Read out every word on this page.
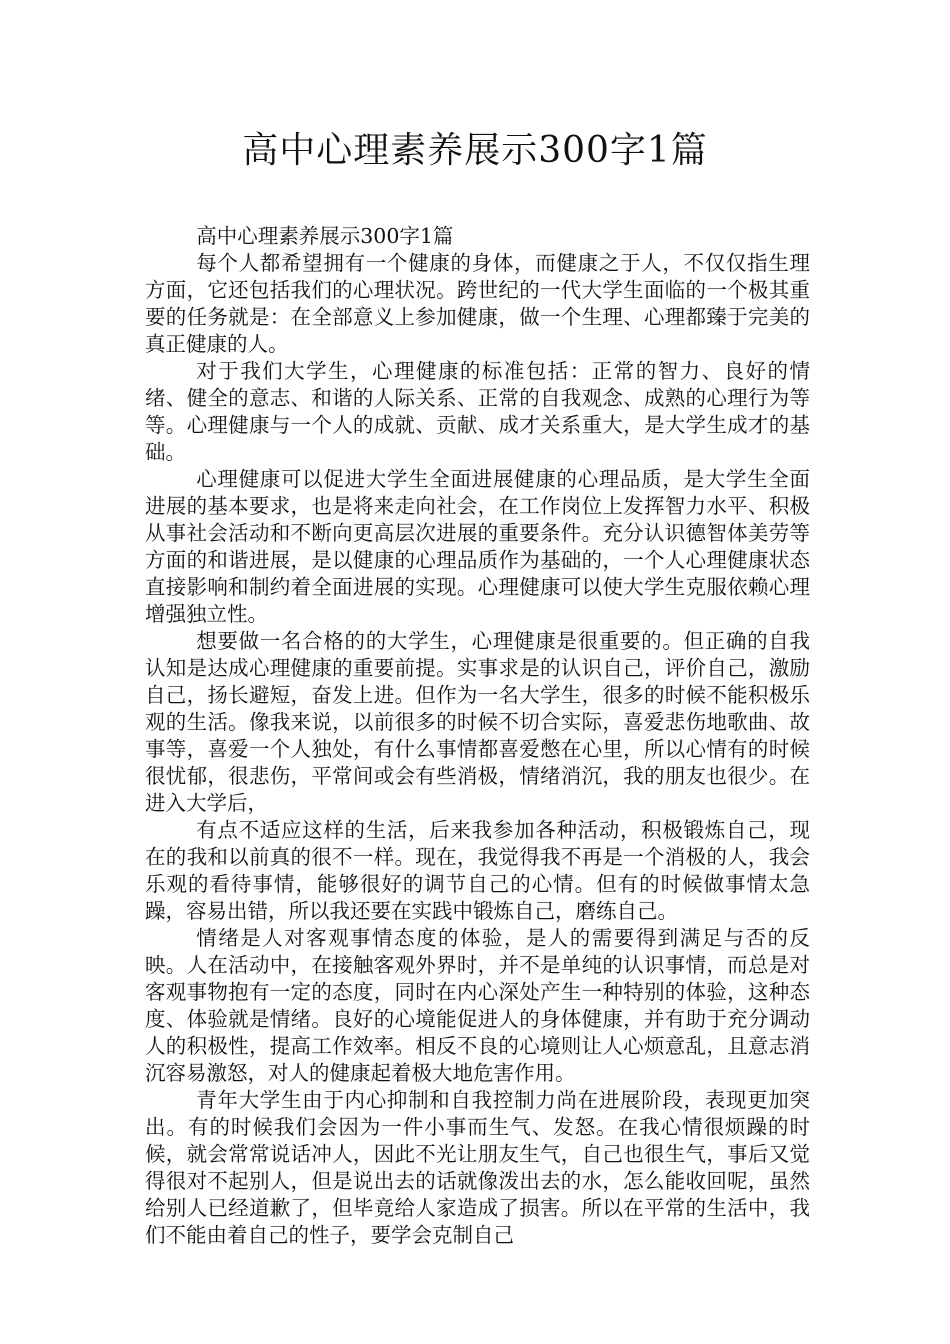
高中心理素养展示300字1篇

高中心理素养展示300字1篇

每个人都希望拥有一个健康的身体，而健康之于人，不仅仅指生理方面，它还包括我们的心理状况。跨世纪的一代大学生面临的一个极其重要的任务就是：在全部意义上参加健康，做一个生理、心理都臻于完美的真正健康的人。

对于我们大学生，心理健康的标准包括：正常的智力、良好的情绪、健全的意志、和谐的人际关系、正常的自我观念、成熟的心理行为等等。心理健康与一个人的成就、贡献、成才关系重大，是大学生成才的基础。

心理健康可以促进大学生全面进展健康的心理品质，是大学生全面进展的基本要求，也是将来走向社会，在工作岗位上发挥智力水平、积极从事社会活动和不断向更高层次进展的重要条件。充分认识德智体美劳等方面的和谐进展，是以健康的心理品质作为基础的，一个人心理健康状态直接影响和制约着全面进展的实现。心理健康可以使大学生克服依赖心理增强独立性。

想要做一名合格的的大学生，心理健康是很重要的。但正确的自我认知是达成心理健康的重要前提。实事求是的认识自己，评价自己，激励自己，扬长避短，奋发上进。但作为一名大学生，很多的时候不能积极乐观的生活。像我来说，以前很多的时候不切合实际，喜爱悲伤地歌曲、故事等，喜爱一个人独处，有什么事情都喜爱憋在心里，所以心情有的时候很忧郁，很悲伤，平常间或会有些消极，情绪消沉，我的朋友也很少。在进入大学后，

有点不适应这样的生活，后来我参加各种活动，积极锻炼自己，现在的我和以前真的很不一样。现在，我觉得我不再是一个消极的人，我会乐观的看待事情，能够很好的调节自己的心情。但有的时候做事情太急躁，容易出错，所以我还要在实践中锻炼自己，磨练自己。

情绪是人对客观事情态度的体验，是人的需要得到满足与否的反映。人在活动中，在接触客观外界时，并不是单纯的认识事情，而总是对客观事物抱有一定的态度，同时在内心深处产生一种特别的体验，这种态度、体验就是情绪。良好的心境能促进人的身体健康，并有助于充分调动人的积极性，提高工作效率。相反不良的心境则让人心烦意乱，且意志消沉容易激怒，对人的健康起着极大地危害作用。

青年大学生由于内心抑制和自我控制力尚在进展阶段，表现更加突出。有的时候我们会因为一件小事而生气、发怒。在我心情很烦躁的时候，就会常常说话冲人，因此不光让朋友生气，自己也很生气，事后又觉得很对不起别人，但是说出去的话就像泼出去的水，怎么能收回呢，虽然给别人已经道歉了，但毕竟给人家造成了损害。所以在平常的生活中，我们不能由着自己的性子，要学会克制自己
